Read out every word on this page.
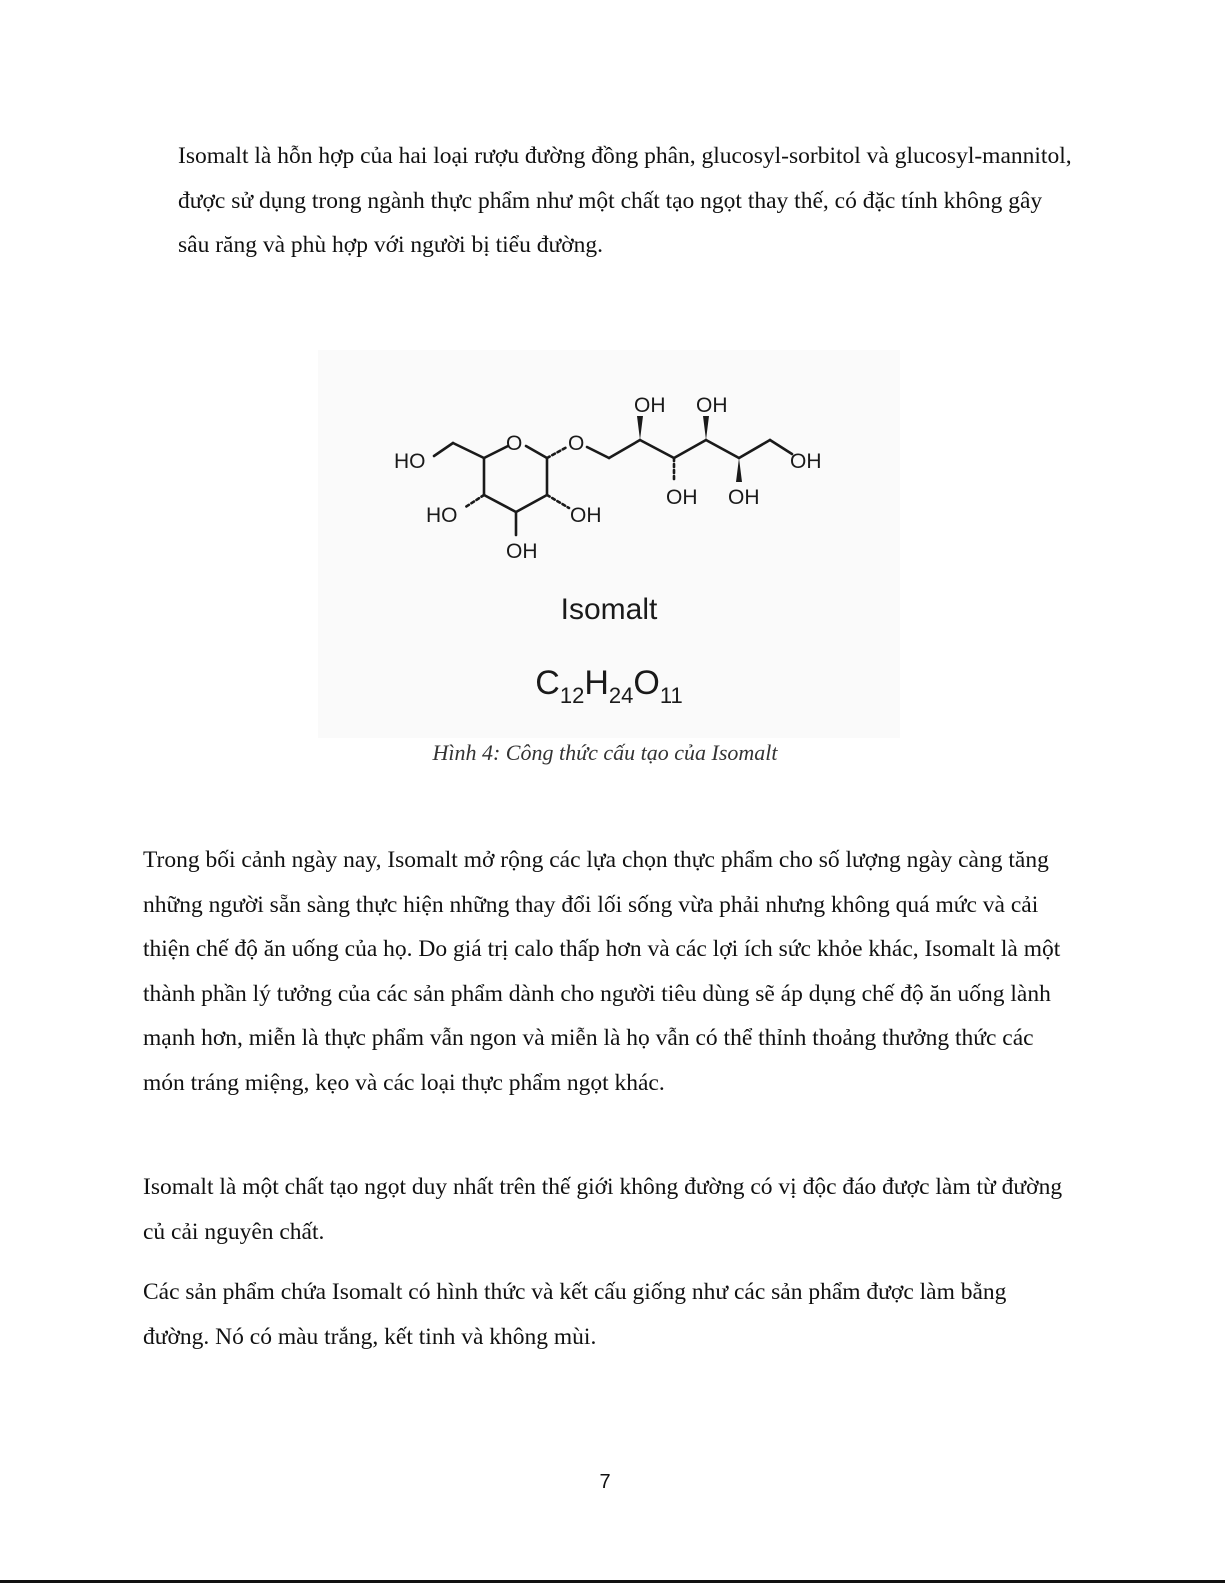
Isomalt là hỗn hợp của hai loại rượu đường đồng phân, glucosyl-sorbitol và glucosyl-mannitol, được sử dụng trong ngành thực phẩm như một chất tạo ngọt thay thế, có đặc tính không gây sâu răng và phù hợp với người bị tiểu đường.

HO
O O
OH OH
OH
OH OH
HO	OH
OH
Isomalt
$C_{12}H_{24}O_{11}$
Hình 4: Công thức cấu tạo của Isomalt

Trong bối cảnh ngày nay, Isomalt mở rộng các lựa chọn thực phẩm cho số lượng ngày càng tăng những người sẵn sàng thực hiện những thay đổi lối sống vừa phải nhưng không quá mức và cải thiện chế độ ăn uống của họ. Do giá trị calo thấp hơn và các lợi ích sức khỏe khác, Isomalt là một thành phần lý tưởng của các sản phẩm dành cho người tiêu dùng sẽ áp dụng chế độ ăn uống lành mạnh hơn, miễn là thực phẩm vẫn ngon và miễn là họ vẫn có thể thỉnh thoảng thưởng thức các món tráng miệng, kẹo và các loại thực phẩm ngọt khác.

Isomalt là một chất tạo ngọt duy nhất trên thế giới không đường có vị độc đáo được làm từ đường củ cải nguyên chất.

Các sản phẩm chứa Isomalt có hình thức và kết cấu giống như các sản phẩm được làm bằng đường. Nó có màu trắng, kết tinh và không mùi.

7
